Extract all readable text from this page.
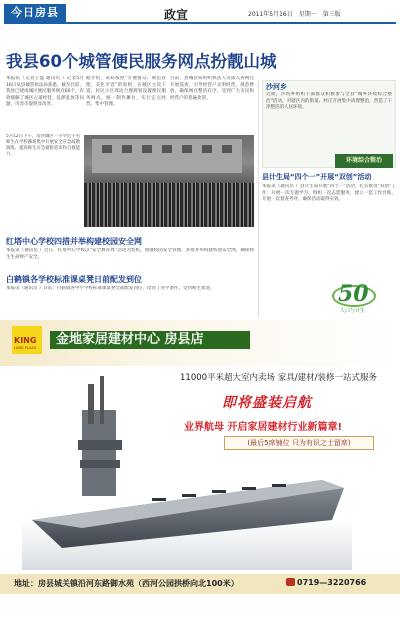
今日房县	政宣	2011年5月16日　星期一　第三版
我县60个城管便民服务网点扮靓山城
本报讯（记者王盛 通讯员 ）记者5月16日从县城管执法局获悉，截至目前，我县已建成城区便民服务网点60个，有效缓解了城区占道经营、乱摆乱放等问题，市容市貌明显改善。
据介绍，该局按照“方便群众、规范管理、美化市容”的原则，在城区主次干道、居民小区周边合理规划设置便民服务网点，统一制作摊位，实行定点经营、集中管理。
目前，县城管局组织执法人员深入各网点开展巡查，引导经营户文明经营、规范摆放，确保网点整洁有序，受到广大市民和经营户的普遍欢迎。
5月12日下午，房县城区一小学近千名师生在学校操场集中开展安全应急疏散演练，提高师生应急避险意识和自救能力。
红塔中心学校四措并举构建校园安全网
本报讯（通讯员 ）近日，红塔中心学校以“安全教育周”活动为契机，加强校园安全管理，多措并举构建校园安全网，确保师生生命财产安全。
白鹤镇各学校标准课桌凳日前配发到位
本报讯（通讯员 ）日前，白鹤镇各中小学校标准课桌凳全部配发到位，改善了办学条件，受到师生欢迎。
沙河乡
近期，沙河乡组织干部群众积极参与全县“城乡环境综合整治”活动，对辖区内的街道、村庄开展集中清理整治，营造了干净整洁的人居环境。
环境综合整治
县计生局“四个一”开展“双创”活动
本报讯（通讯员 ）县计生局开展“四个一”活动，扎实推进“双创”工作：开展一次专题学习、组织一次志愿服务、建立一套工作台账、开展一次督查考评，确保活动取得实效。
50
人口与计生
KING
LAND PLAZA
金地家居建材中心 房县店
11000平米超大室内卖场 家具/建材/装修一站式服务
即将盛装启航
业界航母 开启家居建材行业新篇章!
(最后5席铺位 只为有识之士留席)
地址：房县城关镇沿河东路御水苑（西河公园拱桥向北100米）	0719—3220766
